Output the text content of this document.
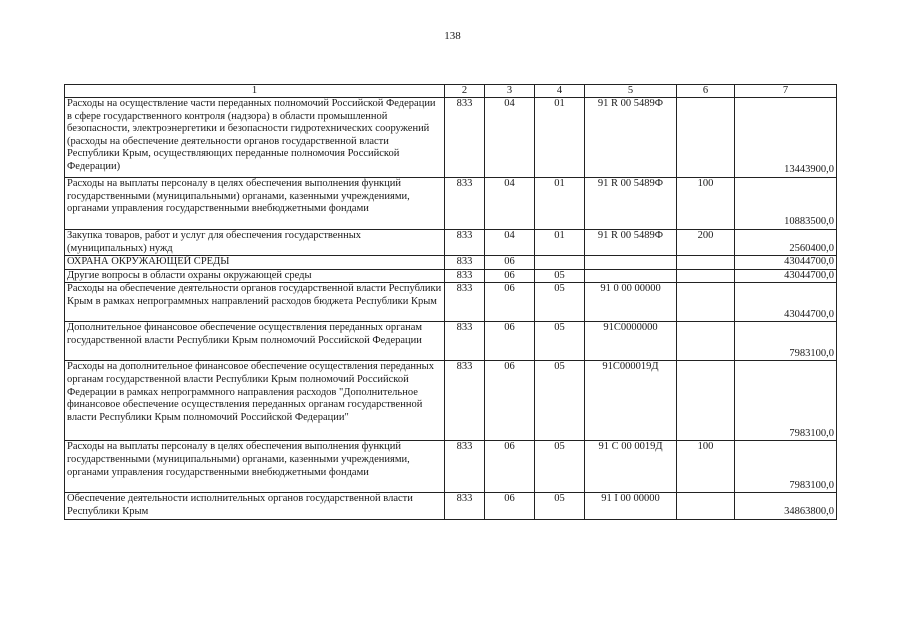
138
1	2	3	4	5	6	7
Расходы на осуществление части переданных полномочий Российской Федерации в сфере государственного контроля (надзора) в области промышленной безопасности, электроэнергетики и безопасности гидротехнических сооружений (расходы на обеспечение деятельности органов государственной власти Республики Крым, осуществляющих переданные полномочия Российской Федерации)	833	04	01	91 R 00 5489Ф		13443900,0
Расходы на выплаты персоналу в целях обеспечения выполнения функций государственными (муниципальными) органами, казенными учреждениями, органами управления государственными внебюджетными фондами	833	04	01	91 R 00 5489Ф	100	10883500,0
Закупка товаров, работ и услуг для обеспечения государственных (муниципальных) нужд	833	04	01	91 R 00 5489Ф	200	2560400,0
ОХРАНА ОКРУЖАЮЩЕЙ СРЕДЫ	833	06				43044700,0
Другие вопросы в области охраны окружающей среды	833	06	05			43044700,0
Расходы на обеспечение деятельности органов государственной власти Республики Крым в рамках непрограммных направлений расходов бюджета Республики Крым	833	06	05	91 0 00 00000		43044700,0
Дополнительное финансовое обеспечение осуществления переданных органам государственной власти Республики Крым полномочий Российской Федерации	833	06	05	91С0000000		7983100,0
Расходы на дополнительное финансовое обеспечение осуществления переданных органам государственной власти Республики Крым полномочий Российской Федерации в рамках непрограммного направления расходов "Дополнительное финансовое обеспечение осуществления переданных органам государственной власти Республики Крым полномочий Российской Федерации"	833	06	05	91С000019Д		7983100,0
Расходы на выплаты персоналу в целях обеспечения выполнения функций государственными (муниципальными) органами, казенными учреждениями, органами управления государственными внебюджетными фондами	833	06	05	91 С 00 0019Д	100	7983100,0
Обеспечение деятельности исполнительных органов государственной власти Республики Крым	833	06	05	91 I 00 00000		34863800,0
